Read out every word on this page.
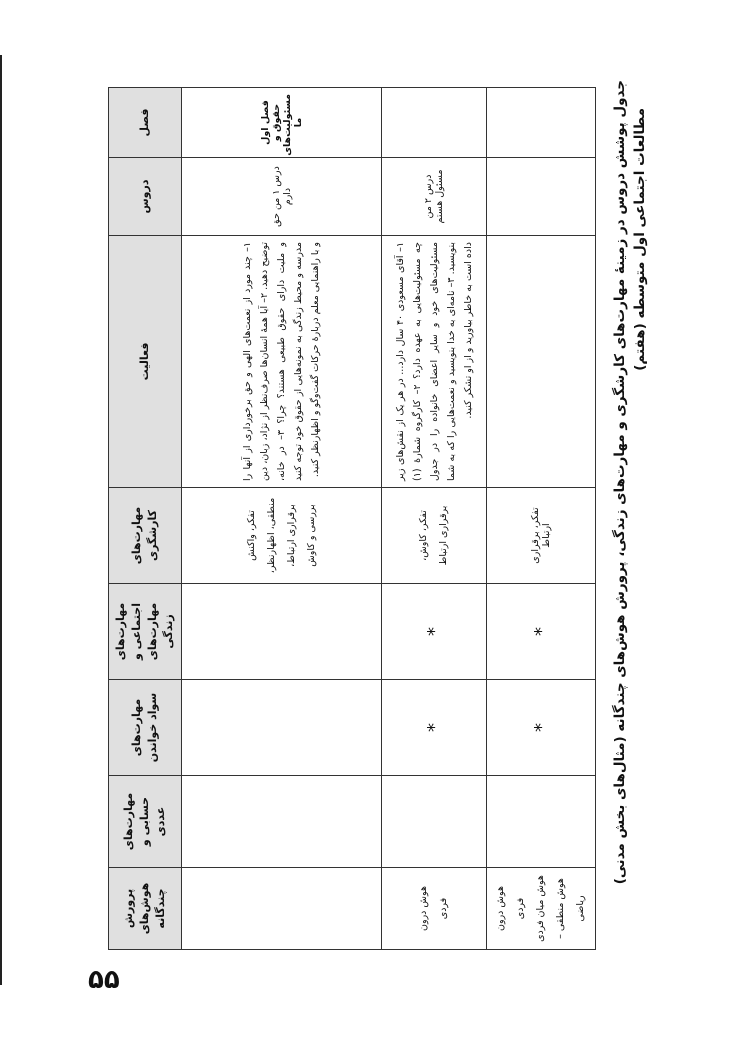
۵۵
فصل	دروس	فعالیت	مهارت‌های کارشگری	مهارت‌های اجتماعی و مهارت‌های زندگی	مهارت‌های سواد خواندن	مهارت‌های حسابی و عددی	پرورش هوش‌های چندگانه
فصل اول حقوق و مسئولیت‌های ما	درس ۱ من حق دارم	۱– چند مورد از نعمت‌های الهی و حق برخورداری از آنها را توضیح دهید. ۲– آیا همهٔ انسان‌ها صرف‌نظر از نژاد، زبان، دین و ملیت دارای حقوق طبیعی هستند؟ چرا؟ ۳– در خانه، مدرسه و محیط زندگی به نمونه‌هایی از حقوق خود توجه کنید و با راهنمایی معلم دربارهٔ حرکات گفت‌وگو و اظهارنظر کنید.	تفکر، واکنش منطقی، اظهارنظر، برقراری ارتباط، بررسی و کاوش				
	درس ۲ من مسئول هستم	۱– آقای مسعودی ۴۰ سال دارد... در هر یک از نقش‌های زیر چه مسئولیت‌هایی به عهده دارد؟ ۲– کارگروه شمارهٔ (۱) مسئولیت‌های خود و سایر اعضای خانواده را در جدول بنویسید. ۳– نامه‌ای به خدا بنویسید و نعمت‌هایی را که به شما داده است به خاطر بیاورید و از او تشکر کنید.	تفکر، کاوش، برقراری ارتباط	*	*		هوش درون فردی

			تفکر، برقراری ارتباط	*	*		هوش درون فردی هوش میان فردی هوش منطقی – ریاضی
جدول پوشش دروس در زمینهٔ مهارت‌های کارشگری و مهارت‌های زندگی، پرورش هوش‌های چندگانه (مثال‌های بخش مدنی) مطالعات اجتماعی اول متوسطه (هفتم)
